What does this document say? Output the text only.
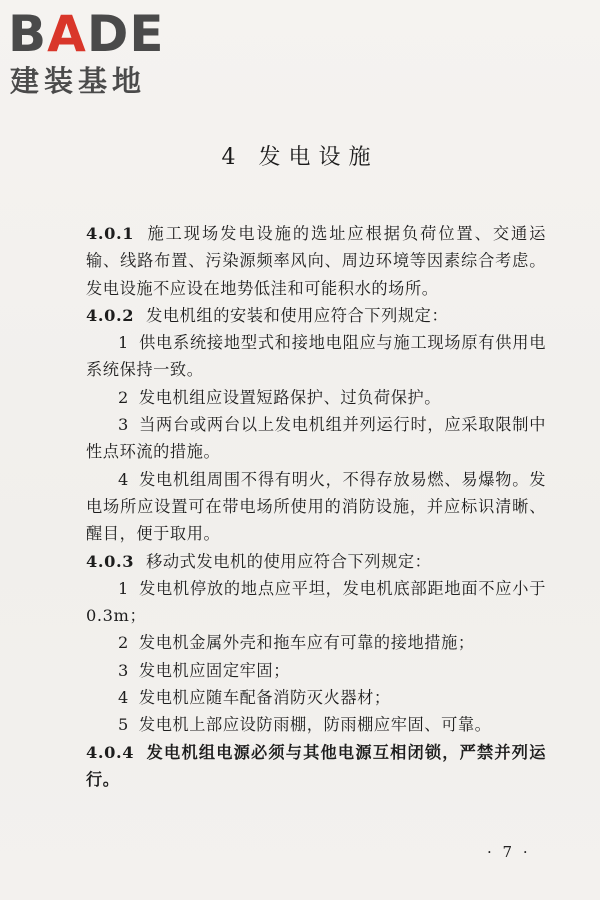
BADE
建装基地
4 发电设施

4.0.1 施工现场发电设施的选址应根据负荷位置、交通运输、线路布置、污染源频率风向、周边环境等因素综合考虑。发电设施不应设在地势低洼和可能积水的场所。

4.0.2 发电机组的安装和使用应符合下列规定：

1 供电系统接地型式和接地电阻应与施工现场原有供用电系统保持一致。

2 发电机组应设置短路保护、过负荷保护。

3 当两台或两台以上发电机组并列运行时，应采取限制中性点环流的措施。

4 发电机组周围不得有明火，不得存放易燃、易爆物。发电场所应设置可在带电场所使用的消防设施，并应标识清晰、醒目，便于取用。

4.0.3 移动式发电机的使用应符合下列规定：

1 发电机停放的地点应平坦，发电机底部距地面不应小于0.3m；

2 发电机金属外壳和拖车应有可靠的接地措施；

3 发电机应固定牢固；

4 发电机应随车配备消防灭火器材；

5 发电机上部应设防雨棚，防雨棚应牢固、可靠。

4.0.4 发电机组电源必须与其他电源互相闭锁，严禁并列运行。

· 7 ·
